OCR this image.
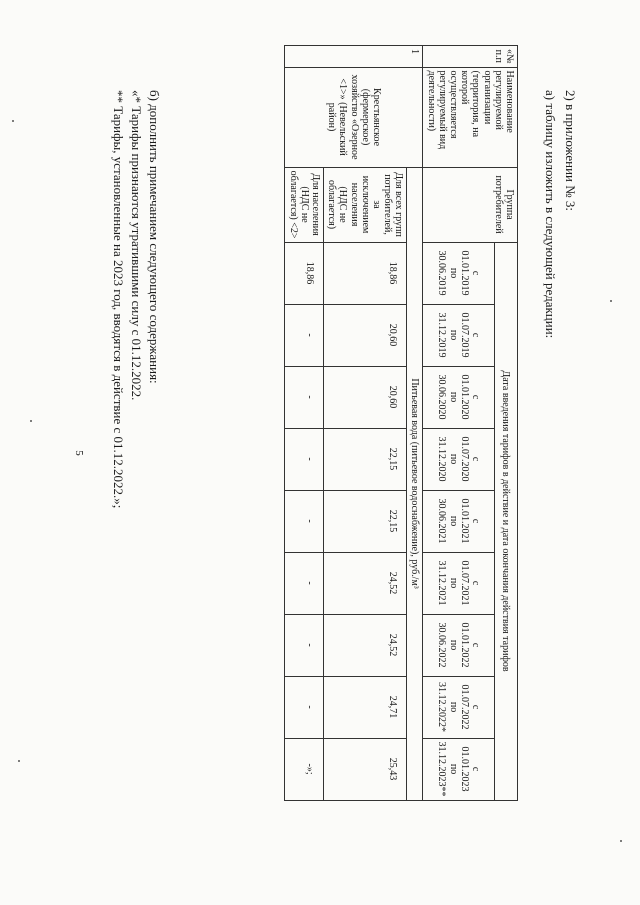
5
2) в приложении № 3:
а) таблицу изложить в следующей редакции:
«№ п.п	Наименование регулируемой организации (территория, на которой осуществляется регулируемый вид деятельности)	Группа потребителей	Дата введения тарифов в действие и дата окончания действия тарифов								
			с
01.01.2019
по
30.06.2019	с
01.07.2019
по
31.12.2019	с
01.01.2020
по
30.06.2020	с
01.07.2020
по
31.12.2020	с
01.01.2021
по
30.06.2021	с
01.07.2021
по
31.12.2021	с
01.01.2022
по
30.06.2022	с
01.07.2022
по
31.12.2022*	с
01.01.2023
по
31.12.2023**
1	Крестьянское (фермерское) хозяйство «Озерное <1>» (Невельский район)	Питьевая вода (питьевое водоснабжение), руб./м³									
		Для всех групп потребителей, за исключением населения (НДС не облагается)	18,86	20,60	20,60	22,15	22,15	24,52	24,52	24,71	25,43
		Для населения (НДС не облагается) <2>	18,86	-	-	-	-	-	-	-	-»;
б) дополнить примечанием следующего содержания:
«* Тарифы признаются утратившими силу с 01.12.2022.
** Тарифы, установленные на 2023 год, вводятся в действие с 01.12.2022.»;
